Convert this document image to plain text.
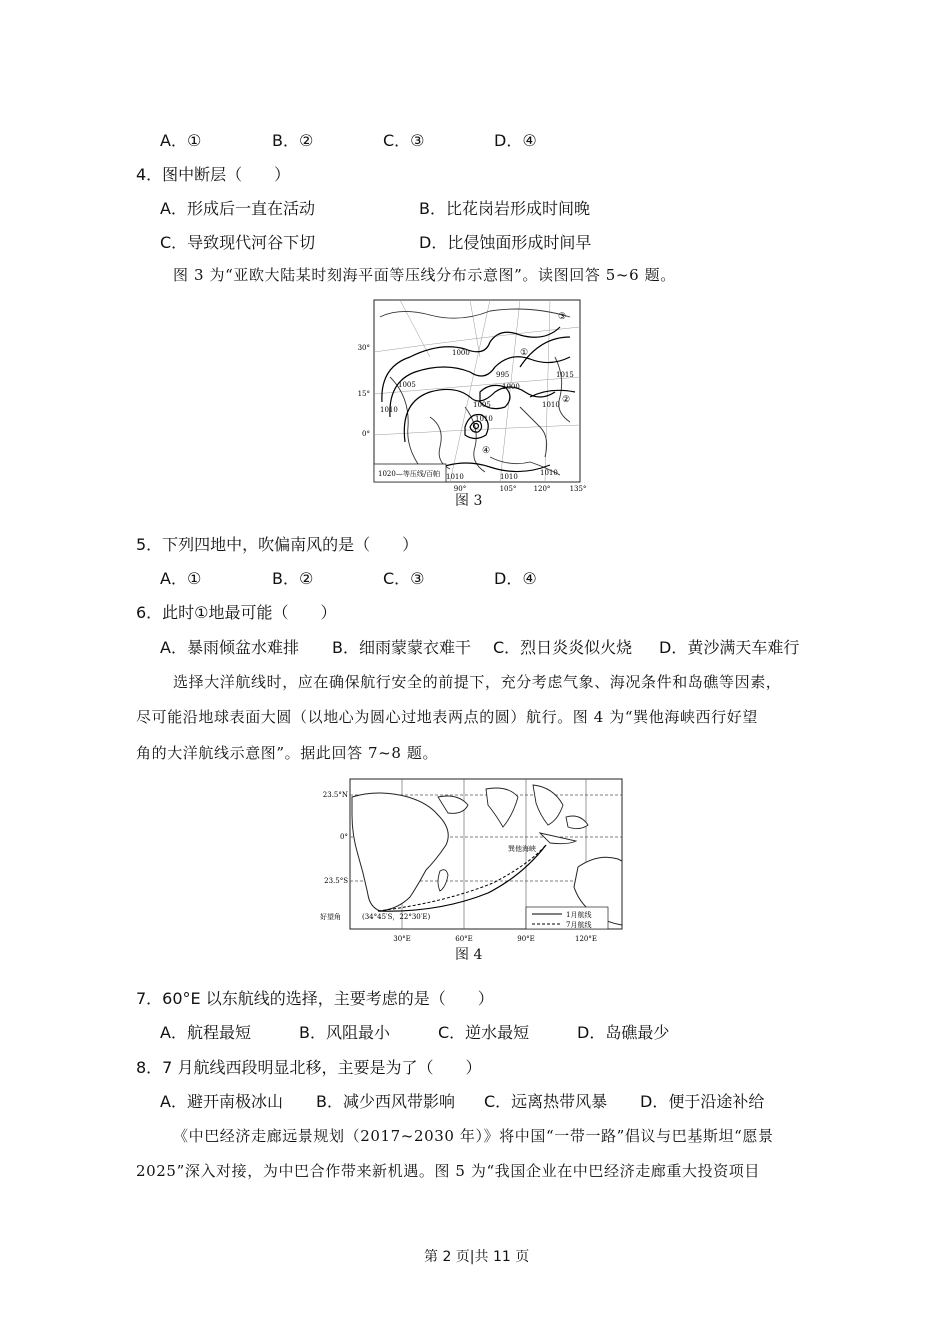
A．①	B．②	C．③	D．④
4．图中断层（　　）
A．形成后一直在活动	B．比花岗岩形成时间晚
C．导致现代河谷下切	D．比侵蚀面形成时间早
图 3 为“亚欧大陆某时刻海平面等压线分布示意图”。读图回答 5~6 题。
1000
1005
1010
995
1000
1005
1015
1010
1010
1010	1010	1010
③
①
②
④
30°
15°
0°
1020—等压线/百帕
90°	105° 120°	135°
图 3
5．下列四地中，吹偏南风的是（　　）
A．①	B．②	C．③	D．④
6．此时①地最可能（　　）
A．暴雨倾盆水难排 B．细雨蒙蒙衣难干 C．烈日炎炎似火烧 D．黄沙满天车难行
选择大洋航线时，应在确保航行安全的前提下，充分考虑气象、海况条件和岛礁等因素，
尽可能沿地球表面大圆（以地心为圆心过地表两点的圆）航行。图 4 为“巽他海峡西行好望
角的大洋航线示意图”。据此回答 7~8 题。
23.5°N
0°
23.5°S
巽他海峡
好望角	(34°45′S，22°30′E)
30°E	60°E	90°E	120°E
1月航线
7月航线
图 4
7．60°E 以东航线的选择，主要考虑的是（　　）
A．航程最短	B．风阻最小	C．逆水最短	D．岛礁最少
8．7 月航线西段明显北移，主要是为了（　　）
A．避开南极冰山 B．减少西风带影响 C．远离热带风暴 D．便于沿途补给
《中巴经济走廊远景规划（2017~2030 年）》将中国“一带一路”倡议与巴基斯坦“愿景
2025”深入对接，为中巴合作带来新机遇。图 5 为“我国企业在中巴经济走廊重大投资项目
第 2 页|共 11 页
